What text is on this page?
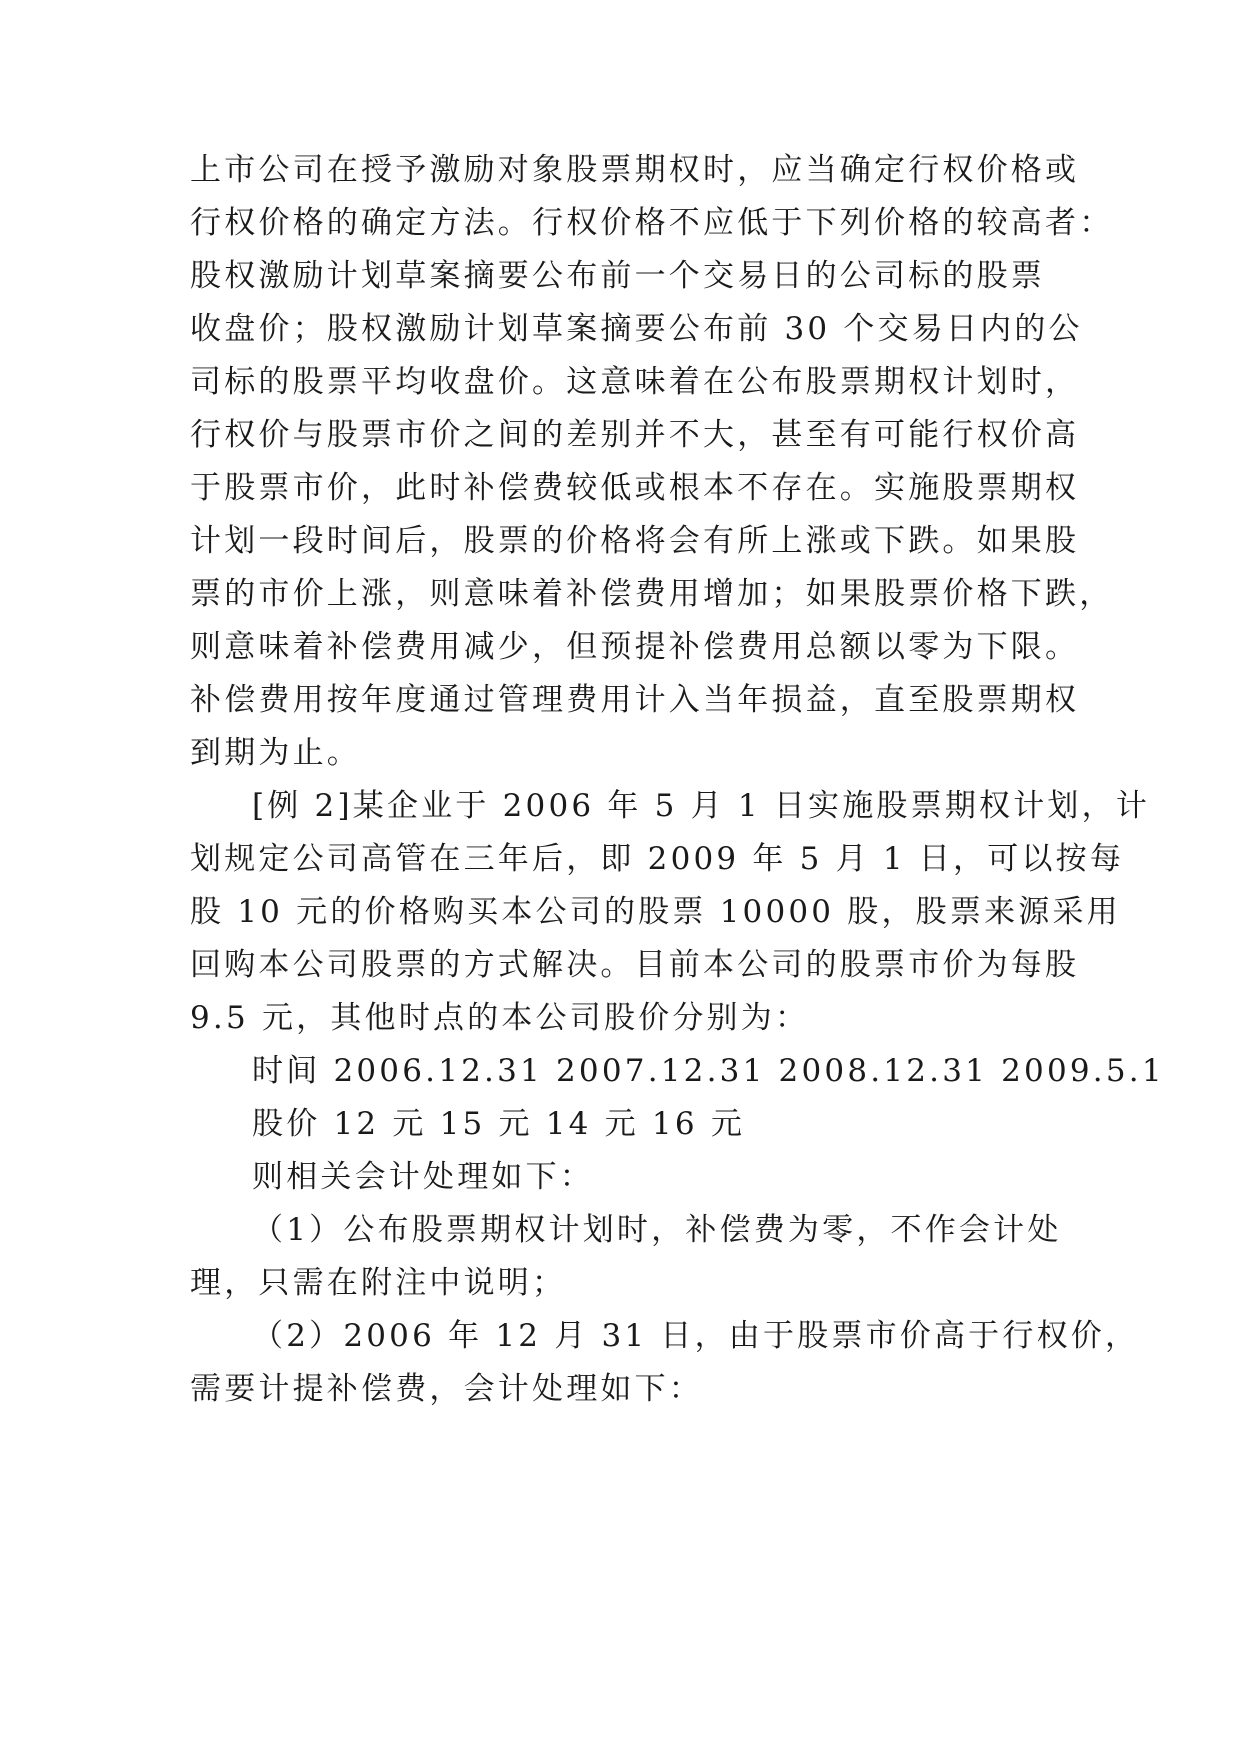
上市公司在授予激励对象股票期权时，应当确定行权价格或

行权价格的确定方法。行权价格不应低于下列价格的较高者：

股权激励计划草案摘要公布前一个交易日的公司标的股票

收盘价；股权激励计划草案摘要公布前 30 个交易日内的公

司标的股票平均收盘价。这意味着在公布股票期权计划时，

行权价与股票市价之间的差别并不大，甚至有可能行权价高

于股票市价，此时补偿费较低或根本不存在。实施股票期权

计划一段时间后，股票的价格将会有所上涨或下跌。如果股

票的市价上涨，则意味着补偿费用增加；如果股票价格下跌，

则意味着补偿费用减少，但预提补偿费用总额以零为下限。

补偿费用按年度通过管理费用计入当年损益，直至股票期权

到期为止。

[例 2]某企业于 2006 年 5 月 1 日实施股票期权计划，计

划规定公司高管在三年后，即 2009 年 5 月 1 日，可以按每

股 10 元的价格购买本公司的股票 10000 股，股票来源采用

回购本公司股票的方式解决。目前本公司的股票市价为每股

9.5 元，其他时点的本公司股价分别为：

时间 2006.12.31 2007.12.31 2008.12.31 2009.5.1

股价 12 元 15 元 14 元 16 元

则相关会计处理如下：

（1）公布股票期权计划时，补偿费为零，不作会计处

理，只需在附注中说明；

（2）2006 年 12 月 31 日，由于股票市价高于行权价，

需要计提补偿费，会计处理如下：
